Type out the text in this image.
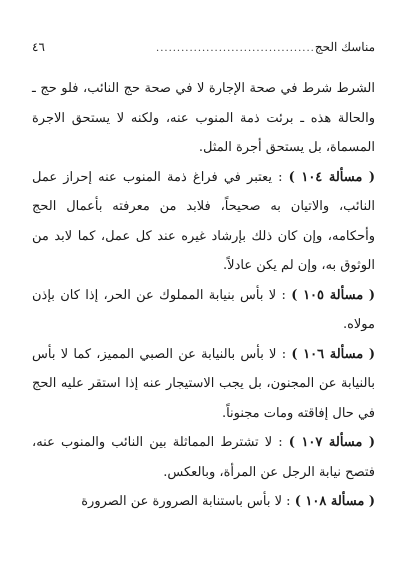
مناسك الحج
......................................
٤٦

الشرط شرط في صحة الإجارة لا في صحة حج النائب، فلو حج ـ والحالة هذه ـ برئت ذمة المنوب عنه، ولكنه لا يستحق الاجرة المسماة، بل يستحق أجرة المثل.

( مسألة ١٠٤ ) : يعتبر في فراغ ذمة المنوب عنه إحراز عمل النائب، والاتيان به صحيحاً، فلابد من معرفته بأعمال الحج وأحكامه، وإن كان ذلك بإرشاد غيره عند كل عمل، كما لابد من الوثوق به، وإن لم يكن عادلاً.

( مسألة ١٠٥ ) : لا بأس بنيابة المملوك عن الحر، إذا كان بإذن مولاه.

( مسألة ١٠٦ ) : لا بأس بالنيابة عن الصبي المميز، كما لا بأس بالنيابة عن المجنون، بل يجب الاستيجار عنه إذا استقر عليه الحج في حال إفاقته ومات مجنوناً.

( مسألة ١٠٧ ) : لا تشترط المماثلة بين النائب والمنوب عنه، فتصح نيابة الرجل عن المرأة، وبالعكس.

( مسألة ١٠٨ ) : لا بأس باستنابة الصرورة عن الصرورة
